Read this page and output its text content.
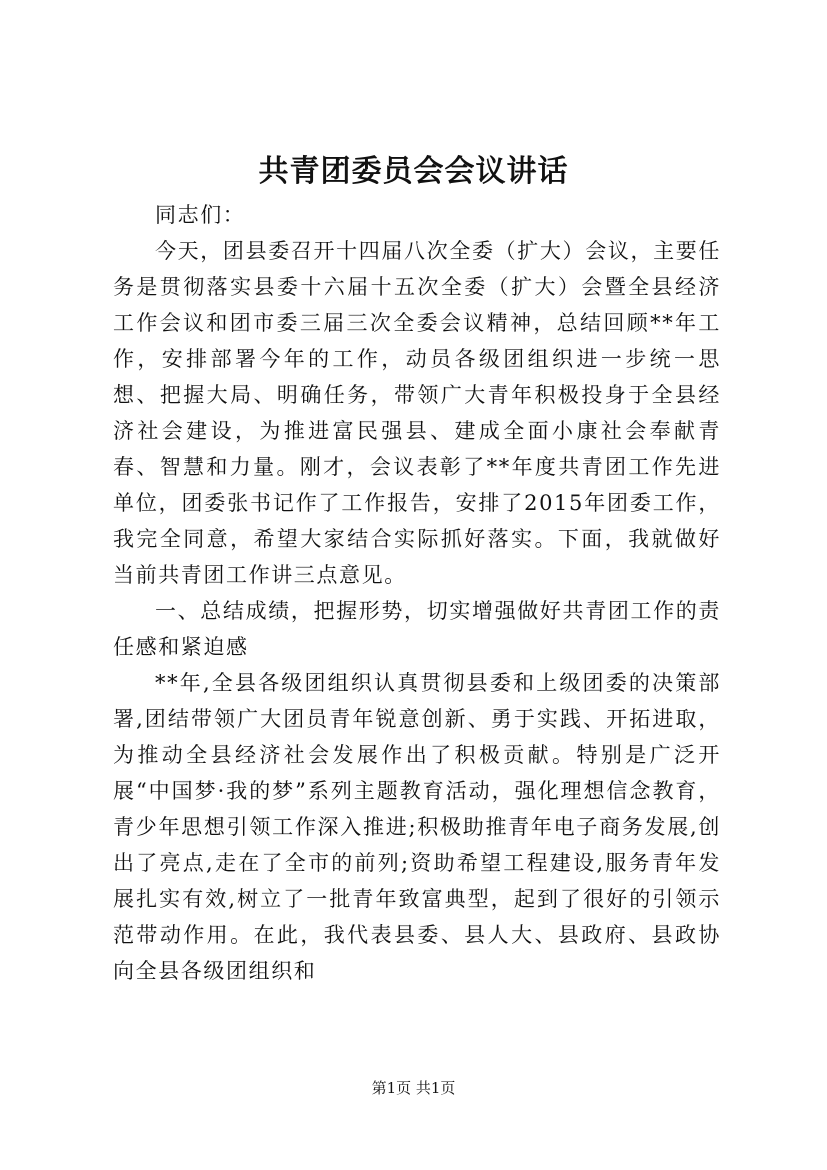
共青团委员会会议讲话

同志们：

今天，团县委召开十四届八次全委（扩大）会议，主要任务是贯彻落实县委十六届十五次全委（扩大）会暨全县经济工作会议和团市委三届三次全委会议精神，总结回顾**年工作，安排部署今年的工作，动员各级团组织进一步统一思想、把握大局、明确任务，带领广大青年积极投身于全县经济社会建设，为推进富民强县、建成全面小康社会奉献青春、智慧和力量。刚才，会议表彰了**年度共青团工作先进单位，团委张书记作了工作报告，安排了2015年团委工作，我完全同意，希望大家结合实际抓好落实。下面，我就做好当前共青团工作讲三点意见。

一、总结成绩，把握形势，切实增强做好共青团工作的责任感和紧迫感

**年,全县各级团组织认真贯彻县委和上级团委的决策部署,团结带领广大团员青年锐意创新、勇于实践、开拓进取，为推动全县经济社会发展作出了积极贡献。特别是广泛开展“中国梦·我的梦”系列主题教育活动，强化理想信念教育，青少年思想引领工作深入推进;积极助推青年电子商务发展,创出了亮点,走在了全市的前列;资助希望工程建设,服务青年发展扎实有效,树立了一批青年致富典型，起到了很好的引领示范带动作用。在此，我代表县委、县人大、县政府、县政协向全县各级团组织和

第1页 共1页
